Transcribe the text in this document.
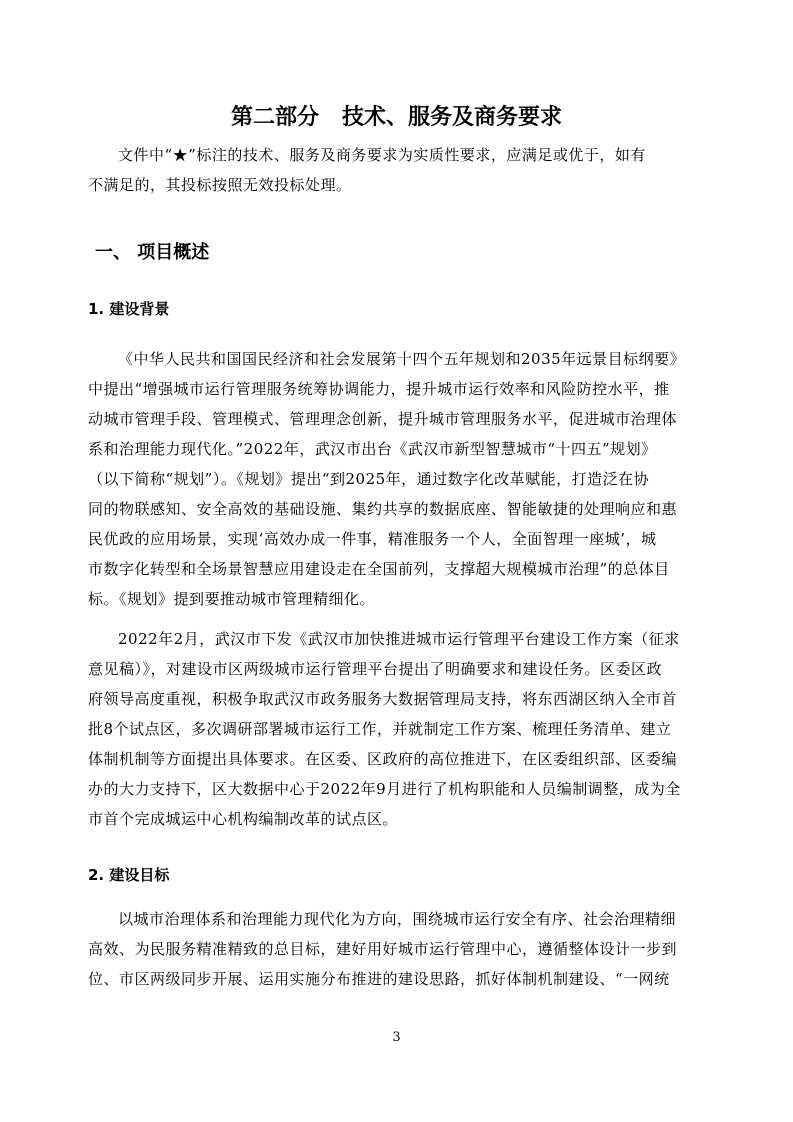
第二部分   技术、服务及商务要求
文件中“★”标注的技术、服务及商务要求为实质性要求，应满足或优于，如有
不满足的，其投标按照无效投标处理。
一、 项目概述
1. 建设背景
《中华人民共和国国民经济和社会发展第十四个五年规划和2035年远景目标纲要》
中提出“增强城市运行管理服务统筹协调能力，提升城市运行效率和风险防控水平，推
动城市管理手段、管理模式、管理理念创新，提升城市管理服务水平，促进城市治理体
系和治理能力现代化。”2022年，武汉市出台《武汉市新型智慧城市“十四五”规划》
（以下简称“规划”）。《规划》提出“到2025年，通过数字化改革赋能，打造泛在协
同的物联感知、安全高效的基础设施、集约共享的数据底座、智能敏捷的处理响应和惠
民优政的应用场景，实现‘高效办成一件事，精准服务一个人，全面智理一座城’，城
市数字化转型和全场景智慧应用建设走在全国前列，支撑超大规模城市治理”的总体目
标。《规划》提到要推动城市管理精细化。
2022年2月，武汉市下发《武汉市加快推进城市运行管理平台建设工作方案（征求
意见稿）》，对建设市区两级城市运行管理平台提出了明确要求和建设任务。区委区政
府领导高度重视，积极争取武汉市政务服务大数据管理局支持，将东西湖区纳入全市首
批8个试点区，多次调研部署城市运行工作，并就制定工作方案、梳理任务清单、建立
体制机制等方面提出具体要求。在区委、区政府的高位推进下，在区委组织部、区委编
办的大力支持下，区大数据中心于2022年9月进行了机构职能和人员编制调整，成为全
市首个完成城运中心机构编制改革的试点区。
2. 建设目标
以城市治理体系和治理能力现代化为方向，围绕城市运行安全有序、社会治理精细
高效、为民服务精准精致的总目标，建好用好城市运行管理中心，遵循整体设计一步到
位、市区两级同步开展、运用实施分布推进的建设思路，抓好体制机制建设、“一网统
3
